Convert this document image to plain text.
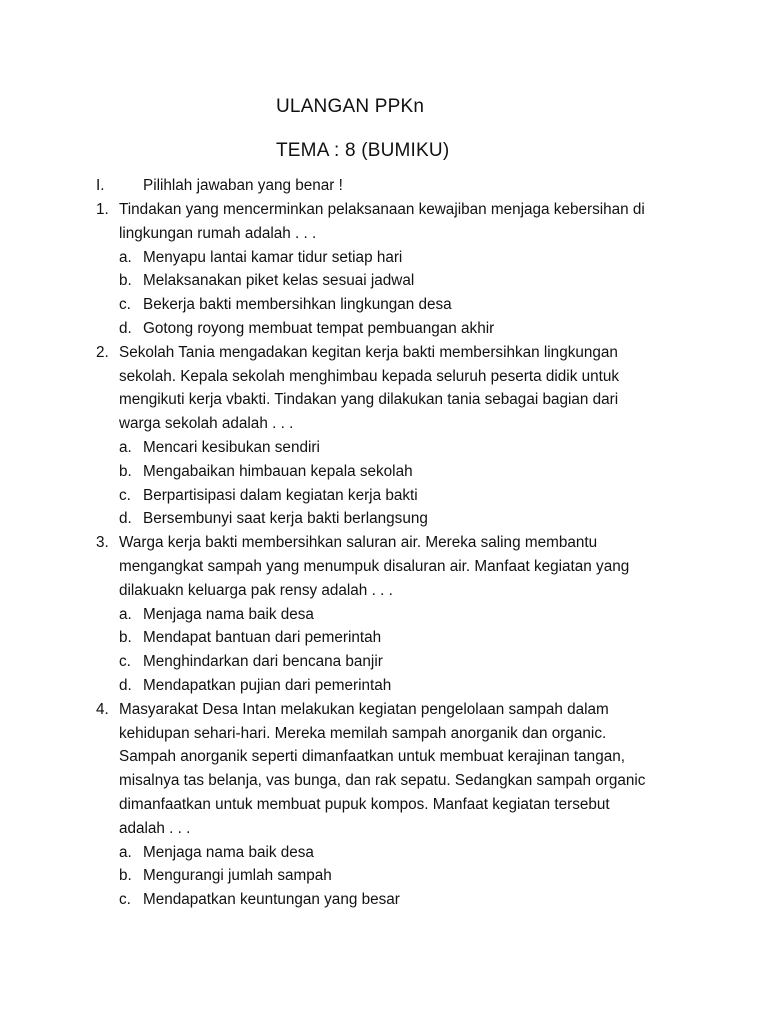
ULANGAN PPKn
TEMA : 8 (BUMIKU)
I.	Pilihlah jawaban yang benar !
1. Tindakan yang mencerminkan pelaksanaan kewajiban menjaga kebersihan di
lingkungan rumah adalah . . .
a. Menyapu lantai kamar tidur setiap hari
b. Melaksanakan piket kelas sesuai jadwal
c. Bekerja bakti membersihkan lingkungan desa
d. Gotong royong membuat tempat pembuangan akhir
2. Sekolah Tania mengadakan kegitan kerja bakti membersihkan lingkungan
sekolah. Kepala sekolah menghimbau kepada seluruh peserta didik untuk
mengikuti kerja vbakti. Tindakan yang dilakukan tania sebagai bagian dari
warga sekolah adalah . . .
a. Mencari kesibukan sendiri
b. Mengabaikan himbauan kepala sekolah
c. Berpartisipasi dalam kegiatan kerja bakti
d. Bersembunyi saat kerja bakti berlangsung
3. Warga kerja bakti membersihkan saluran air. Mereka saling membantu
mengangkat sampah yang menumpuk disaluran air. Manfaat kegiatan yang
dilakuakn keluarga pak rensy adalah . . .
a. Menjaga nama baik desa
b. Mendapat bantuan dari pemerintah
c. Menghindarkan dari bencana banjir
d. Mendapatkan pujian dari pemerintah
4. Masyarakat Desa Intan melakukan kegiatan pengelolaan sampah dalam
kehidupan sehari-hari. Mereka memilah sampah anorganik dan organic.
Sampah anorganik seperti dimanfaatkan untuk membuat kerajinan tangan,
misalnya tas belanja, vas bunga, dan rak sepatu. Sedangkan sampah organic
dimanfaatkan untuk membuat pupuk kompos. Manfaat kegiatan tersebut
adalah . . .
a. Menjaga nama baik desa
b. Mengurangi jumlah sampah
c. Mendapatkan keuntungan yang besar
